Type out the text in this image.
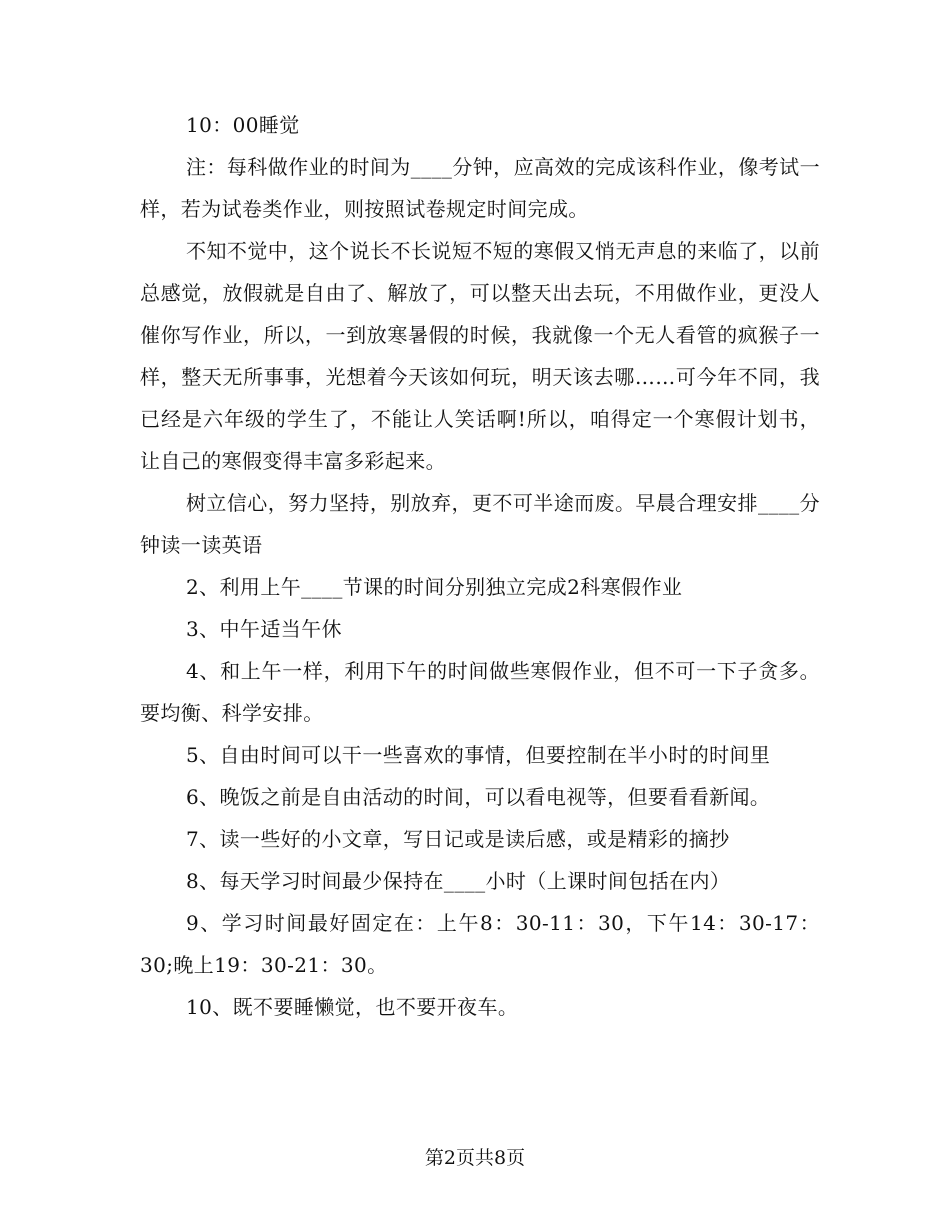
10：00睡觉

注：每科做作业的时间为____分钟，应高效的完成该科作业，像考试一样，若为试卷类作业，则按照试卷规定时间完成。

不知不觉中，这个说长不长说短不短的寒假又悄无声息的来临了，以前总感觉，放假就是自由了、解放了，可以整天出去玩，不用做作业，更没人催你写作业，所以，一到放寒暑假的时候，我就像一个无人看管的疯猴子一样，整天无所事事，光想着今天该如何玩，明天该去哪……可今年不同，我已经是六年级的学生了，不能让人笑话啊!所以，咱得定一个寒假计划书，让自己的寒假变得丰富多彩起来。

树立信心，努力坚持，别放弃，更不可半途而废。早晨合理安排____分钟读一读英语

2、利用上午____节课的时间分别独立完成2科寒假作业

3、中午适当午休

4、和上午一样，利用下午的时间做些寒假作业，但不可一下子贪多。要均衡、科学安排。

5、自由时间可以干一些喜欢的事情，但要控制在半小时的时间里

6、晚饭之前是自由活动的时间，可以看电视等，但要看看新闻。

7、读一些好的小文章，写日记或是读后感，或是精彩的摘抄

8、每天学习时间最少保持在____小时（上课时间包括在内）

9、学习时间最好固定在：上午8：30-11：30，下午14：30-17：30;晚上19：30-21：30。

10、既不要睡懒觉，也不要开夜车。

第2页共8页
